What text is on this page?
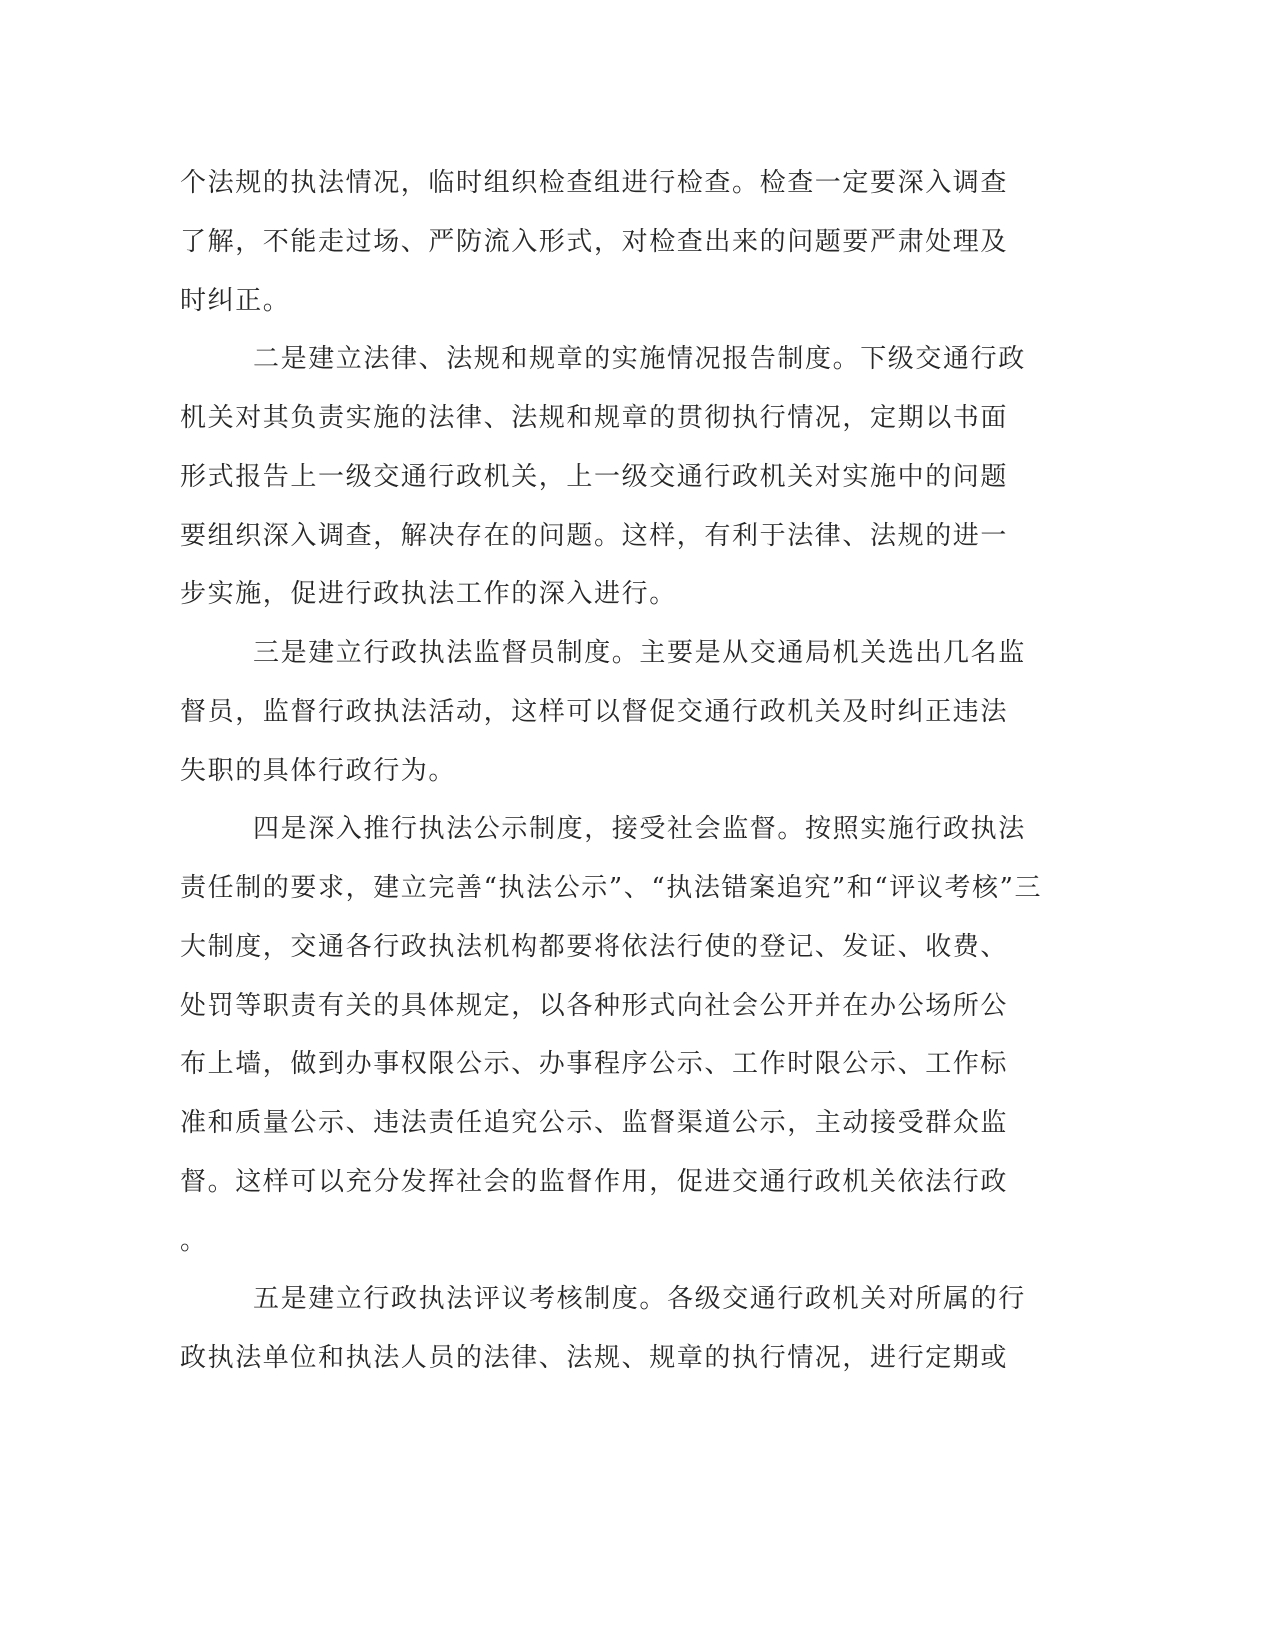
个法规的执法情况，临时组织检查组进行检查。检查一定要深入调查
了解，不能走过场、严防流入形式，对检查出来的问题要严肃处理及
时纠正。
二是建立法律、法规和规章的实施情况报告制度。下级交通行政
机关对其负责实施的法律、法规和规章的贯彻执行情况，定期以书面
形式报告上一级交通行政机关，上一级交通行政机关对实施中的问题
要组织深入调查，解决存在的问题。这样，有利于法律、法规的进一
步实施，促进行政执法工作的深入进行。
三是建立行政执法监督员制度。主要是从交通局机关选出几名监
督员，监督行政执法活动，这样可以督促交通行政机关及时纠正违法
失职的具体行政行为。
四是深入推行执法公示制度，接受社会监督。按照实施行政执法
责任制的要求，建立完善“执法公示”、“执法错案追究”和“评议考核”三
大制度，交通各行政执法机构都要将依法行使的登记、发证、收费、
处罚等职责有关的具体规定，以各种形式向社会公开并在办公场所公
布上墙，做到办事权限公示、办事程序公示、工作时限公示、工作标
准和质量公示、违法责任追究公示、监督渠道公示，主动接受群众监
督。这样可以充分发挥社会的监督作用，促进交通行政机关依法行政
。
五是建立行政执法评议考核制度。各级交通行政机关对所属的行
政执法单位和执法人员的法律、法规、规章的执行情况，进行定期或
